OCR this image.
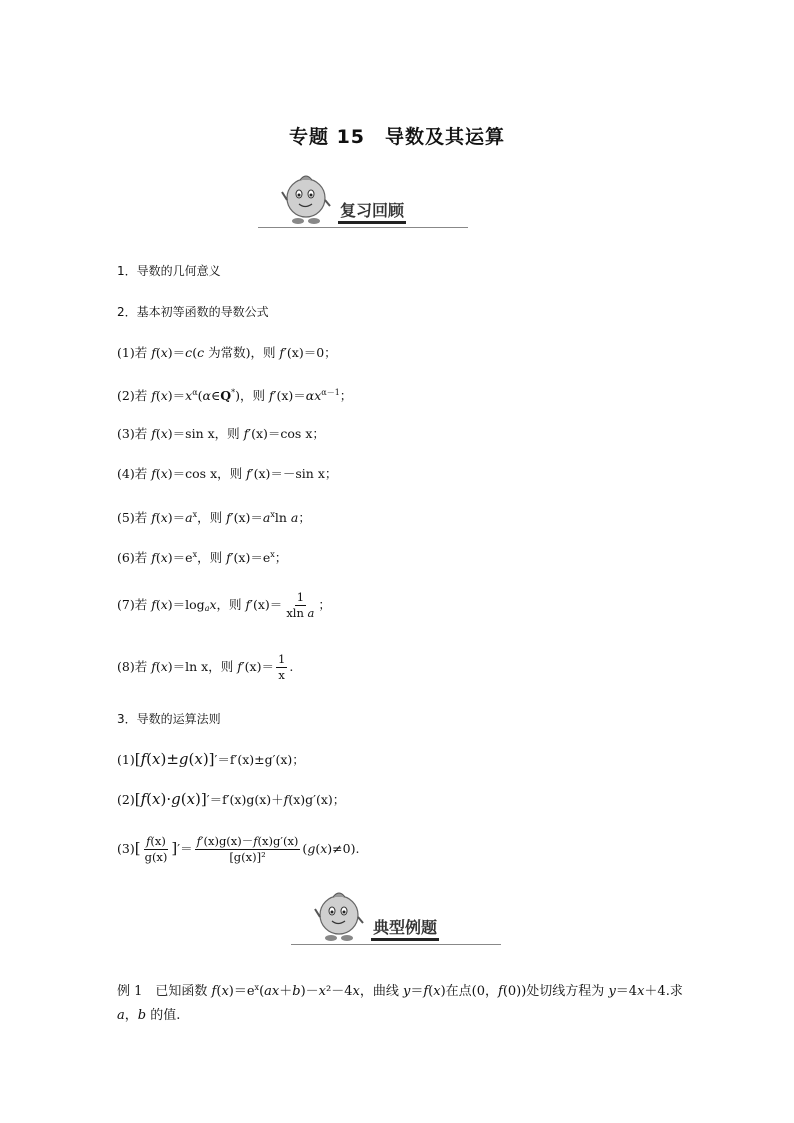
专题 15　导数及其运算
复习回顾
1．导数的几何意义
2．基本初等函数的导数公式
(1)若 f(x)＝c(c 为常数)，则 f′(x)＝0；
(2)若 $f(x)=x^\alpha(\alpha\in Q^*)$，则 $f'(x)=\alpha x^{\alpha-1}$；
(3)若 f(x)＝sin x，则 f′(x)＝cos x；
(4)若 f(x)＝cos x，则 f′(x)＝－sin x；
(5)若 $f(x)=a^x$，则 $f'(x)=a^x\ln$ a；
(6)若 $f(x)=e^x$，则 $f'(x)=e^x$；
(7)若 $f(x)=\log_ax$，则 $f'(x)= \frac{1}{\text{xln a}}$ ；
(8)若 f(x)＝ln x，则 $f'(x)= \frac{1}{x}$ .
3．导数的运算法则
(1)[f(x)±g(x)]′＝f′(x)±g′(x)；
(2)[f(x)·g(x)]′＝f′(x)g(x)＋f(x)g′(x)；
$(3)[ \frac{f(x)}{g(x)}$ ]′＝ $\frac{f'(x)g(x)-f(x)g'(x)}{\text{[g(x)]²}} (g(x)\ne 0)$.
典型例题
例 1　已知函数 $f(x)=e^x(ax+b)-x^2-4x$，曲线 y＝f(x)在点(0，f(0))处切线方程为 y＝4x＋4.求
a，b 的值.
